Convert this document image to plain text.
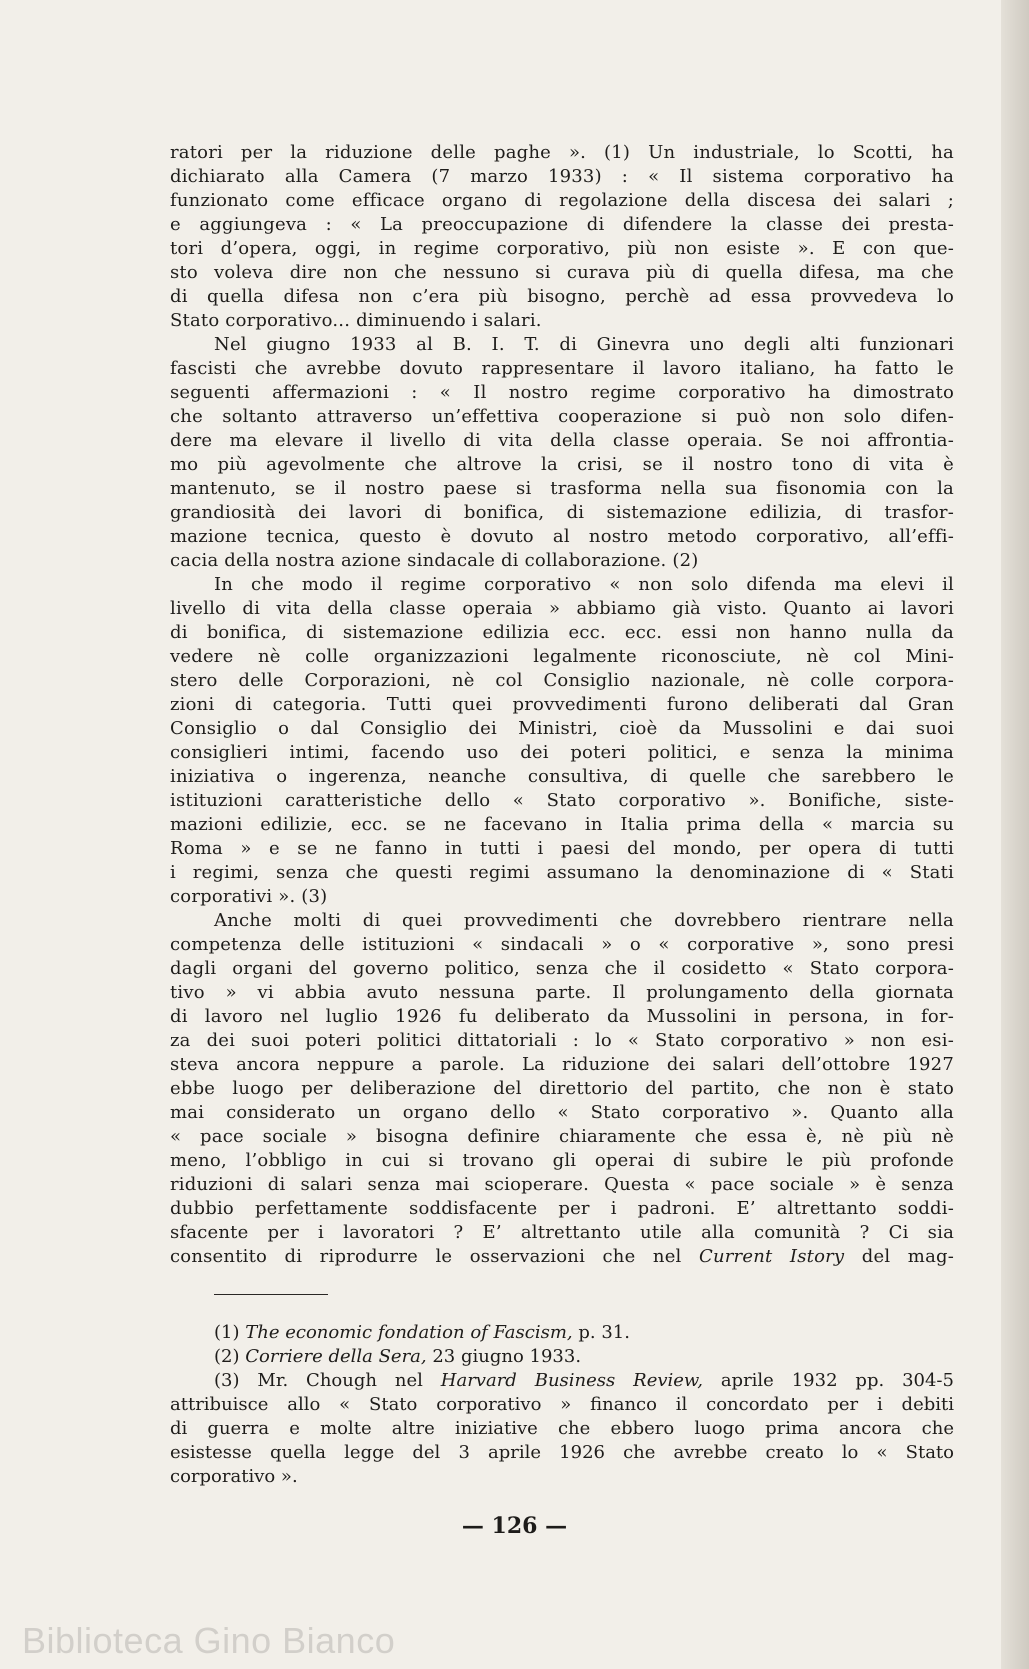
ratori per la riduzione delle paghe ». (1) Un industriale, lo Scotti, ha
dichiarato alla Camera (7 marzo 1933) : « Il sistema corporativo ha
funzionato come efficace organo di regolazione della discesa dei salari ;
e aggiungeva : « La preoccupazione di difendere la classe dei presta-
tori d’opera, oggi, in regime corporativo, più non esiste ». E con que-
sto voleva dire non che nessuno si curava più di quella difesa, ma che
di quella difesa non c’era più bisogno, perchè ad essa provvedeva lo
Stato corporativo... diminuendo i salari.
Nel giugno 1933 al B. I. T. di Ginevra uno degli alti funzionari
fascisti che avrebbe dovuto rappresentare il lavoro italiano, ha fatto le
seguenti affermazioni : « Il nostro regime corporativo ha dimostrato
che soltanto attraverso un’effettiva cooperazione si può non solo difen-
dere ma elevare il livello di vita della classe operaia. Se noi affrontia-
mo più agevolmente che altrove la crisi, se il nostro tono di vita è
mantenuto, se il nostro paese si trasforma nella sua fisonomia con la
grandiosità dei lavori di bonifica, di sistemazione edilizia, di trasfor-
mazione tecnica, questo è dovuto al nostro metodo corporativo, all’effi-
cacia della nostra azione sindacale di collaborazione. (2)
In che modo il regime corporativo « non solo difenda ma elevi il
livello di vita della classe operaia » abbiamo già visto. Quanto ai lavori
di bonifica, di sistemazione edilizia ecc. ecc. essi non hanno nulla da
vedere nè colle organizzazioni legalmente riconosciute, nè col Mini-
stero delle Corporazioni, nè col Consiglio nazionale, nè colle corpora-
zioni di categoria. Tutti quei provvedimenti furono deliberati dal Gran
Consiglio o dal Consiglio dei Ministri, cioè da Mussolini e dai suoi
consiglieri intimi, facendo uso dei poteri politici, e senza la minima
iniziativa o ingerenza, neanche consultiva, di quelle che sarebbero le
istituzioni caratteristiche dello « Stato corporativo ». Bonifiche, siste-
mazioni edilizie, ecc. se ne facevano in Italia prima della « marcia su
Roma » e se ne fanno in tutti i paesi del mondo, per opera di tutti
i regimi, senza che questi regimi assumano la denominazione di « Stati
corporativi ». (3)
Anche molti di quei provvedimenti che dovrebbero rientrare nella
competenza delle istituzioni « sindacali » o « corporative », sono presi
dagli organi del governo politico, senza che il cosidetto « Stato corpora-
tivo » vi abbia avuto nessuna parte. Il prolungamento della giornata
di lavoro nel luglio 1926 fu deliberato da Mussolini in persona, in for-
za dei suoi poteri politici dittatoriali : lo « Stato corporativo » non esi-
steva ancora neppure a parole. La riduzione dei salari dell’ottobre 1927
ebbe luogo per deliberazione del direttorio del partito, che non è stato
mai considerato un organo dello « Stato corporativo ». Quanto alla
« pace sociale » bisogna definire chiaramente che essa è, nè più nè
meno, l’obbligo in cui si trovano gli operai di subire le più profonde
riduzioni di salari senza mai scioperare. Questa « pace sociale » è senza
dubbio perfettamente soddisfacente per i padroni. E’ altrettanto soddi-
sfacente per i lavoratori ? E’ altrettanto utile alla comunità ? Ci sia
consentito di riprodurre le osservazioni che nel Current Istory del mag-
(1) The economic fondation of Fascism, p. 31.
(2) Corriere della Sera, 23 giugno 1933.
(3) Mr. Chough nel Harvard Business Review, aprile 1932 pp. 304-5
attribuisce allo « Stato corporativo » financo il concordato per i debiti
di guerra e molte altre iniziative che ebbero luogo prima ancora che
esistesse quella legge del 3 aprile 1926 che avrebbe creato lo « Stato
corporativo ».
— 126 —
Biblioteca Gino Bianco
